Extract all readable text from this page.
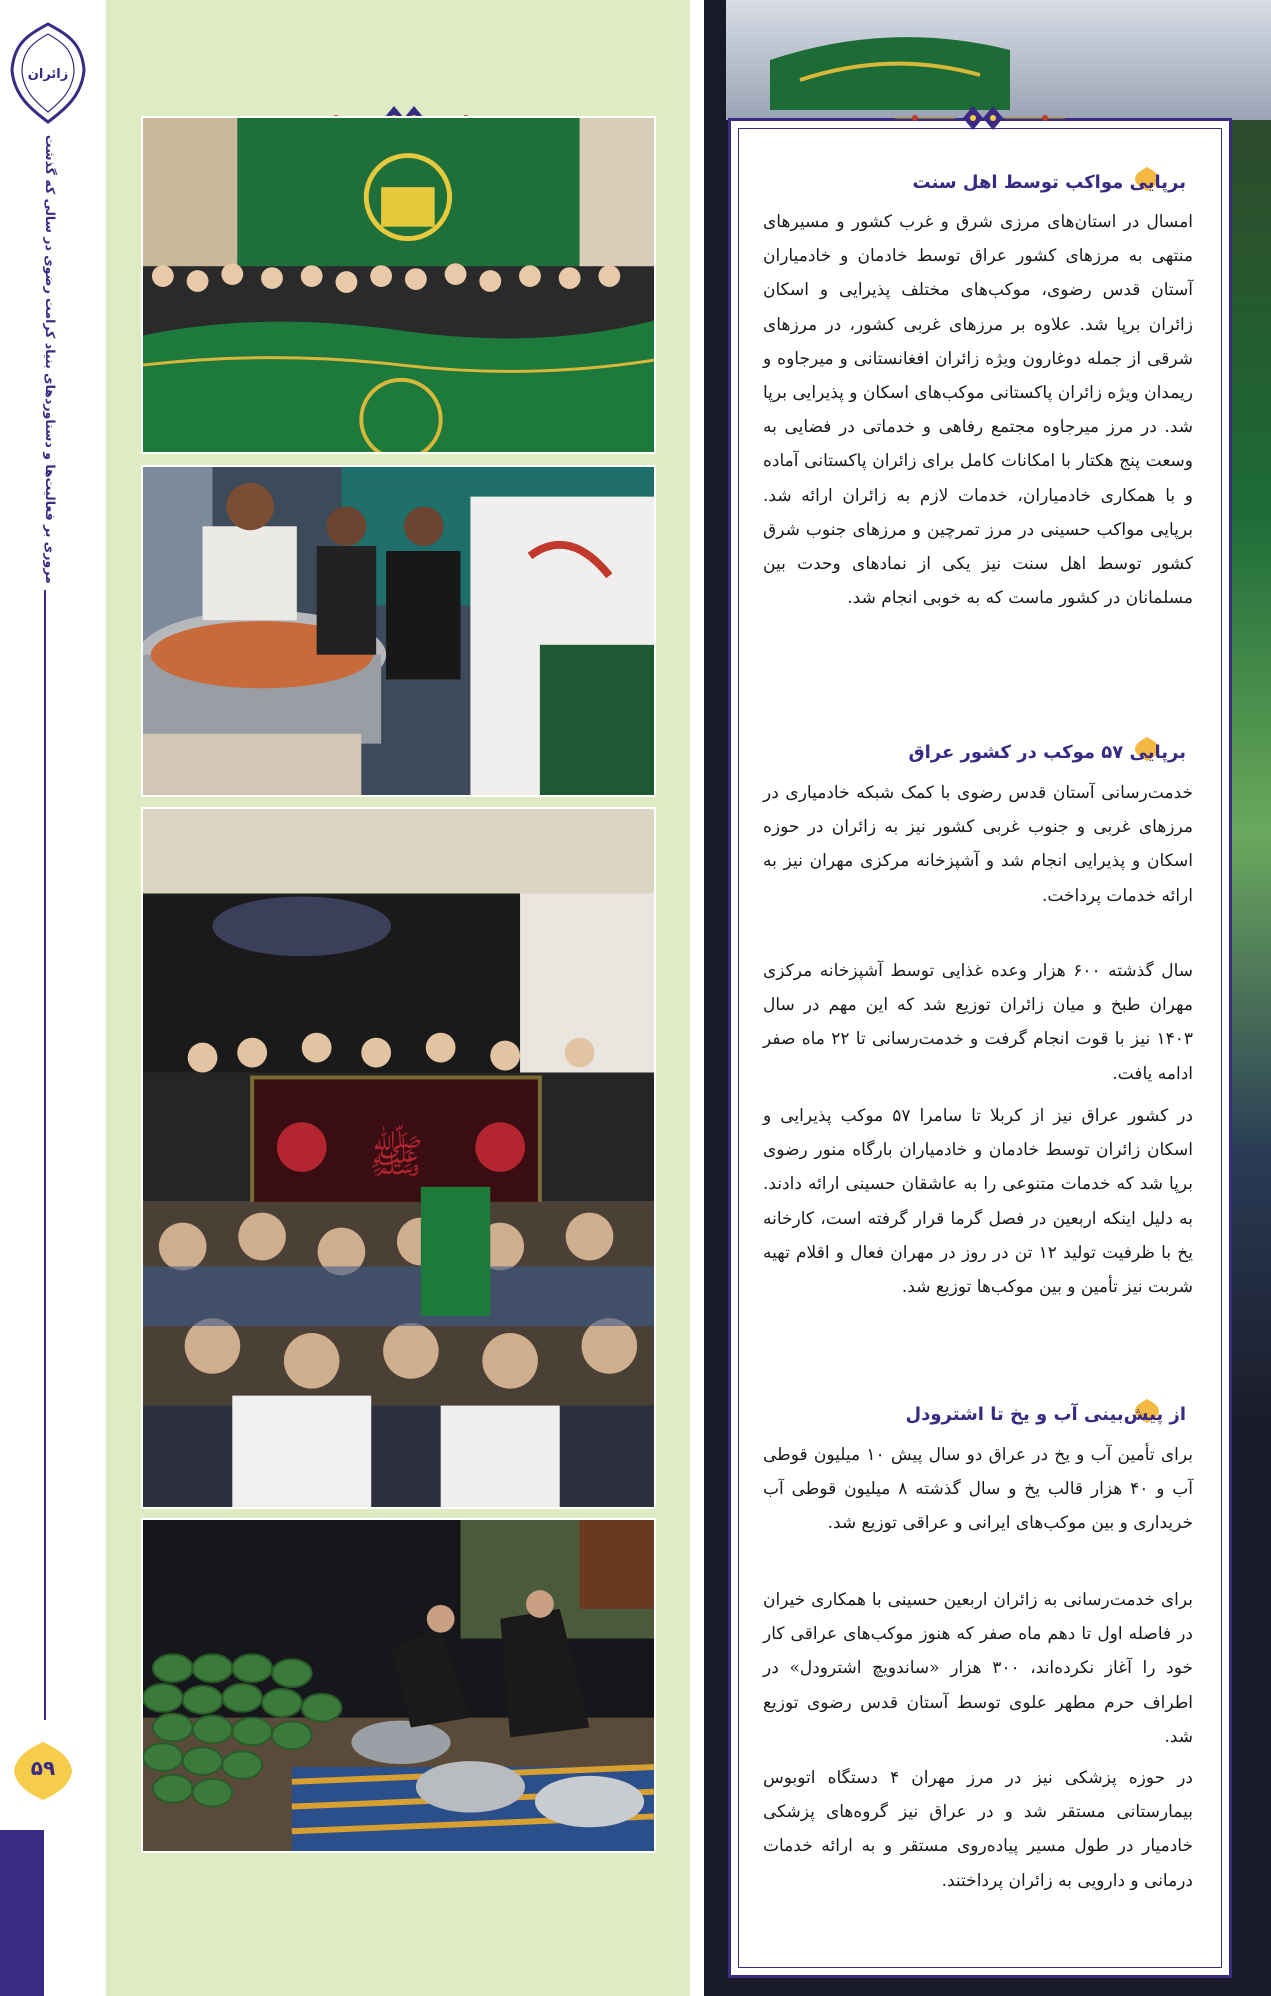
زائران
مروری بر فعالیت‌ها و دستاوردهای بنیاد کرامت رضوی در سالی که گذشت
۵۹
ﷺ
برپایی مواکب توسط اهل سنت

امسال در استان‌های مرزی شرق و غرب کشور و مسیرهای منتهی به مرزهای کشور عراق توسط خادمان و خادمیاران آستان قدس رضوی، موکب‌های مختلف پذیرایی و اسکان زائران برپا شد. علاوه بر مرزهای غربی کشور، در مرزهای شرقی از جمله دوغارون ویژه زائران افغانستانی و میرجاوه و ریمدان ویژه زائران پاکستانی موکب‌های اسکان و پذیرایی برپا شد. در مرز میرجاوه مجتمع رفاهی و خدماتی در فضایی به وسعت پنج هکتار با امکانات کامل برای زائران پاکستانی آماده و با همکاری خادمیاران، خدمات لازم به زائران ارائه شد. برپایی مواکب حسینی در مرز تمرچین و مرزهای جنوب شرق کشور توسط اهل سنت نیز یکی از نمادهای وحدت بین مسلمانان در کشور ماست که به خوبی انجام شد.

برپایی ۵۷ موکب در کشور عراق

خدمت‌رسانی آستان قدس رضوی با کمک شبکه خادمیاری در مرزهای غربی و جنوب غربی کشور نیز به زائران در حوزه اسکان و پذیرایی انجام شد و آشپزخانه مرکزی مهران نیز به ارائه خدمات پرداخت.

سال گذشته ۶۰۰ هزار وعده غذایی توسط آشپزخانه مرکزی مهران طبخ و میان زائران توزیع شد که این مهم در سال ۱۴۰۳ نیز با قوت انجام گرفت و خدمت‌رسانی تا ۲۲ ماه صفر ادامه یافت.

در کشور عراق نیز از کربلا تا سامرا ۵۷ موکب پذیرایی و اسکان زائران توسط خادمان و خادمیاران بارگاه منور رضوی برپا شد که خدمات متنوعی را به عاشقان حسینی ارائه دادند. به دلیل اینکه اربعین در فصل گرما قرار گرفته است، کارخانه یخ با ظرفیت تولید ۱۲ تن در روز در مهران فعال و اقلام تهیه شربت نیز تأمین و بین موکب‌ها توزیع شد.

از پیش‌بینی آب و یخ تا اشترودل

برای تأمین آب و یخ در عراق دو سال پیش ۱۰ میلیون قوطی آب و ۴۰ هزار قالب یخ و سال گذشته ۸ میلیون قوطی آب خریداری و بین موکب‌های ایرانی و عراقی توزیع شد.

برای خدمت‌رسانی به زائران اربعین حسینی با همکاری خیران در فاصله اول تا دهم ماه صفر که هنوز موکب‌های عراقی کار خود را آغاز نکرده‌اند، ۳۰۰ هزار «ساندویچ اشترودل» در اطراف حرم مطهر علوی توسط آستان قدس رضوی توزیع شد.

در حوزه پزشکی نیز در مرز مهران ۴ دستگاه اتوبوس بیمارستانی مستقر شد و در عراق نیز گروه‌های پزشکی خادمیار در طول مسیر پیاده‌روی مستقر و به ارائه خدمات درمانی و دارویی به زائران پرداختند.
